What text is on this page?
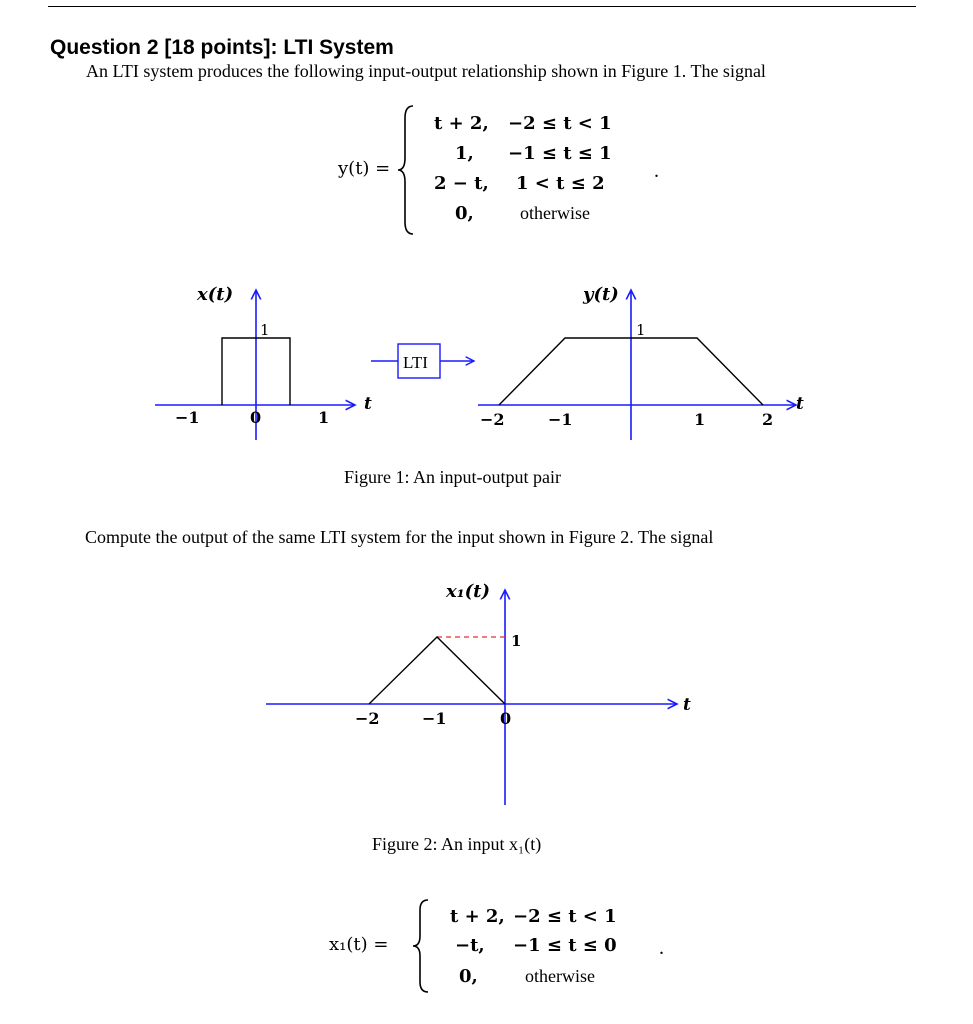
Question 2 [18 points]: LTI System
An LTI system produces the following input-output relationship shown in Figure 1. The signal
y(t) =
t + 2, −2 ≤ t < 1
1, −1 ≤ t ≤ 1
2 − t, 1 < t ≤ 2
0,	otherwise
.
x(t)
t
−1	0	1
1
LTI
y(t)
t
−2	−1	1	2
1
x₁(t)
t
−2	−1	0
1
Figure 1: An input-output pair
Compute the output of the same LTI system for the input shown in Figure 2. The signal
Figure 2: An input x₁(t)
x₁(t) =
t + 2, −2 ≤ t < 1
−t, −1 ≤ t ≤ 0
0,	otherwise
.
